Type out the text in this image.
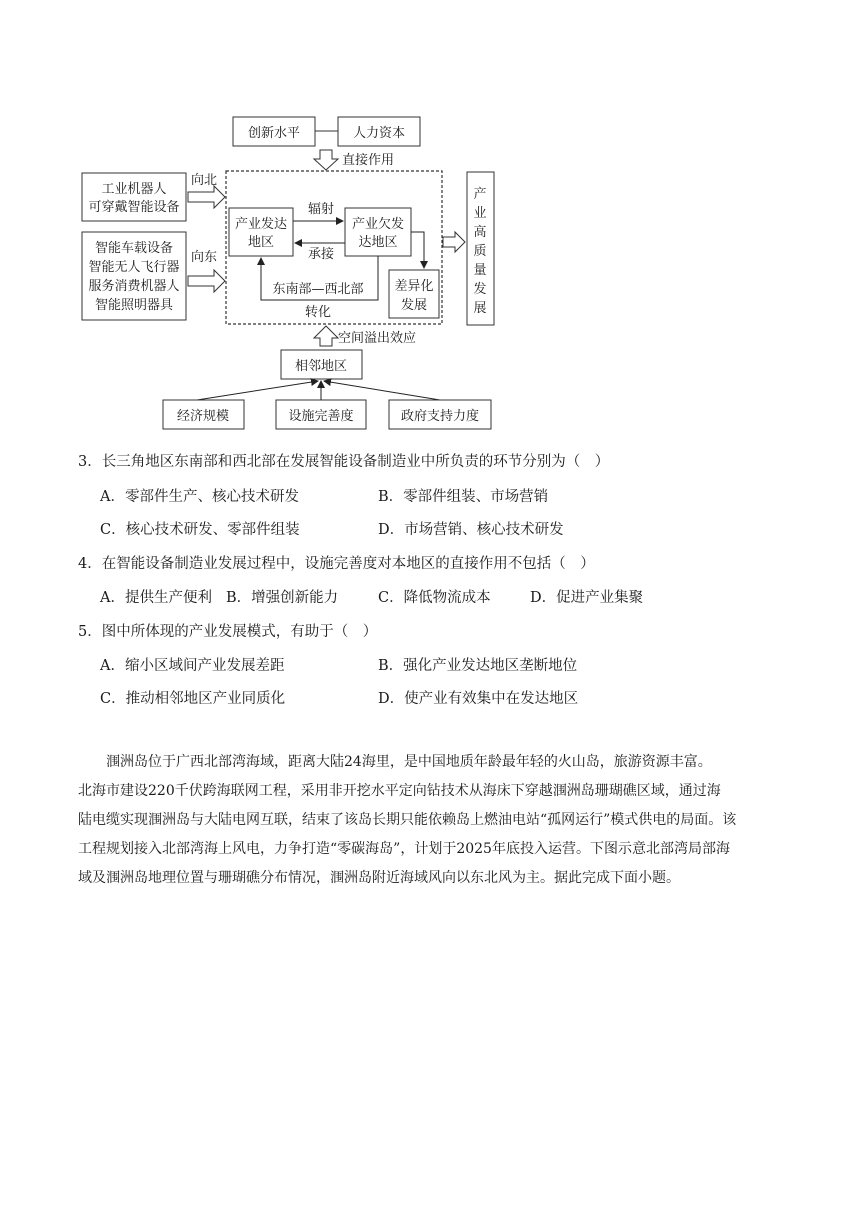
创新水平	人力资本
直接作用
工业机器人
可穿戴智能设备
智能车载设备
智能无人飞行器
服务消费机器人
智能照明器具
向北
向东
产业发达
地区
产业欠发
达地区
辐射
承接
东南部—西北部
转化
差异化
发展
产
业
高
质
量
发
展
空间溢出效应
相邻地区
经济规模	设施完善度	政府支持力度
3．长三角地区东南部和西北部在发展智能设备制造业中所负责的环节分别为（　）
A．零部件生产、核心技术研发	B．零部件组装、市场营销
C．核心技术研发、零部件组装	D．市场营销、核心技术研发
4．在智能设备制造业发展过程中，设施完善度对本地区的直接作用不包括（　）
A．提供生产便利 B．增强创新能力	C．降低物流成本	D．促进产业集聚
5．图中所体现的产业发展模式，有助于（　）
A．缩小区域间产业发展差距	B．强化产业发达地区垄断地位
C．推动相邻地区产业同质化	D．使产业有效集中在发达地区
　　涠洲岛位于广西北部湾海域，距离大陆24海里，是中国地质年龄最年轻的火山岛，旅游资源丰富。
北海市建设220千伏跨海联网工程，采用非开挖水平定向钻技术从海床下穿越涠洲岛珊瑚礁区域，通过海
陆电缆实现涠洲岛与大陆电网互联，结束了该岛长期只能依赖岛上燃油电站“孤网运行”模式供电的局面。该
工程规划接入北部湾海上风电，力争打造“零碳海岛”，计划于2025年底投入运营。下图示意北部湾局部海
域及涠洲岛地理位置与珊瑚礁分布情况，涠洲岛附近海域风向以东北风为主。据此完成下面小题。
